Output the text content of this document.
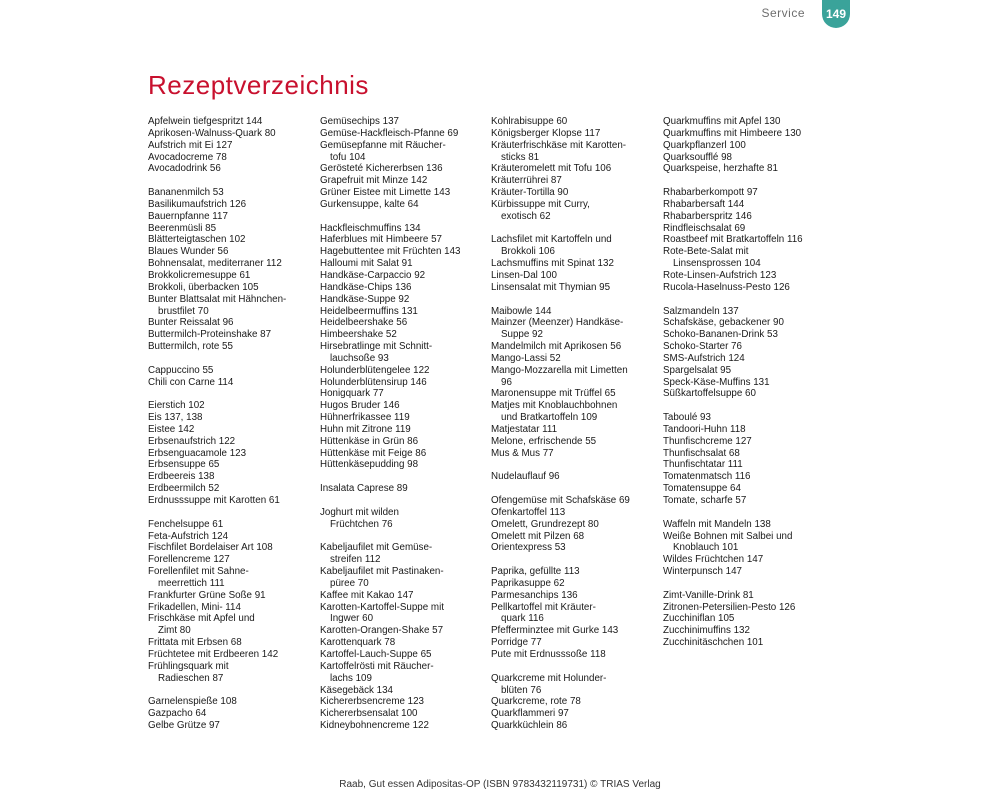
Service	149
Rezeptverzeichnis
Apfelwein tiefgespritzt 144
Aprikosen-Walnuss-Quark 80
Aufstrich mit Ei 127
Avocadocreme 78
Avocadodrink 56
Bananenmilch 53
Basilikumaufstrich 126
Bauernpfanne 117
Beerenmüsli 85
Blätterteigtaschen 102
Blaues Wunder 56
Bohnensalat, mediterraner 112
Brokkolicremesuppe 61
Brokkoli, überbacken 105
Bunter Blattsalat mit Hähnchen-
brustfilet 70
Bunter Reissalat 96
Buttermilch-Proteinshake 87
Buttermilch, rote 55
Cappuccino 55
Chili con Carne 114
Eierstich 102
Eis 137, 138
Eistee 142
Erbsenaufstrich 122
Erbsenguacamole 123
Erbsensuppe 65
Erdbeereis 138
Erdbeermilch 52
Erdnusssuppe mit Karotten 61
Fenchelsuppe 61
Feta-Aufstrich 124
Fischfilet Bordelaiser Art 108
Forellencreme 127
Forellenfilet mit Sahne-
meerrettich 111
Frankfurter Grüne Soße 91
Frikadellen, Mini- 114
Frischkäse mit Apfel und
Zimt 80
Frittata mit Erbsen 68
Früchtetee mit Erdbeeren 142
Frühlingsquark mit
Radieschen 87
Garnelenspieße 108
Gazpacho 64
Gelbe Grütze 97
Gemüsechips 137
Gemüse-Hackfleisch-Pfanne 69
Gemüsepfanne mit Räucher-
tofu 104
Gerösteté Kichererbsen 136
Grapefruit mit Minze 142
Grüner Eistee mit Limette 143
Gurkensuppe, kalte 64
Hackfleischmuffins 134
Haferblues mit Himbeere 57
Hagebuttentee mit Früchten 143
Halloumi mit Salat 91
Handkäse-Carpaccio 92
Handkäse-Chips 136
Handkäse-Suppe 92
Heidelbeermuffins 131
Heidelbeershake 56
Himbeershake 52
Hirsebratlinge mit Schnitt-
lauchsoße 93
Holunderblütengelee 122
Holunderblütensirup 146
Honigquark 77
Hugos Bruder 146
Hühnerfrikassee 119
Huhn mit Zitrone 119
Hüttenkäse in Grün 86
Hüttenkäse mit Feige 86
Hüttenkäsepudding 98
Insalata Caprese 89
Joghurt mit wilden
Früchtchen 76
Kabeljaufilet mit Gemüse-
streifen 112
Kabeljaufilet mit Pastinaken-
püree 70
Kaffee mit Kakao 147
Karotten-Kartoffel-Suppe mit
Ingwer 60
Karotten-Orangen-Shake 57
Karottenquark 78
Kartoffel-Lauch-Suppe 65
Kartoffelrösti mit Räucher-
lachs 109
Käsegebäck 134
Kichererbsencreme 123
Kichererbsensalat 100
Kidneybohnencreme 122
Kohlrabisuppe 60
Königsberger Klopse 117
Kräuterfrischkäse mit Karotten-
sticks 81
Kräuteromelett mit Tofu 106
Kräuterrührei 87
Kräuter-Tortilla 90
Kürbissuppe mit Curry,
exotisch 62
Lachsfilet mit Kartoffeln und
Brokkoli 106
Lachsmuffins mit Spinat 132
Linsen-Dal 100
Linsensalat mit Thymian 95
Maibowle 144
Mainzer (Meenzer) Handkäse-
Suppe 92
Mandelmilch mit Aprikosen 56
Mango-Lassi 52
Mango-Mozzarella mit Limetten
96
Maronensuppe mit Trüffel 65
Matjes mit Knoblauchbohnen
und Bratkartoffeln 109
Matjestatar 111
Melone, erfrischende 55
Mus & Mus 77
Nudelauflauf 96
Ofengemüse mit Schafskäse 69
Ofenkartoffel 113
Omelett, Grundrezept 80
Omelett mit Pilzen 68
Orientexpress 53
Paprika, gefüllte 113
Paprikasuppe 62
Parmesanchips 136
Pellkartoffel mit Kräuter-
quark 116
Pfefferminztee mit Gurke 143
Porridge 77
Pute mit Erdnusssoße 118
Quarkcreme mit Holunder-
blüten 76
Quarkcreme, rote 78
Quarkflammeri 97
Quarkküchlein 86
Quarkmuffins mit Apfel 130
Quarkmuffins mit Himbeere 130
Quarkpflanzerl 100
Quarksoufflé 98
Quarkspeise, herzhafte 81
Rhabarberkompott 97
Rhabarbersaft 144
Rhabarberspritz 146
Rindfleischsalat 69
Roastbeef mit Bratkartoffeln 116
Rote-Bete-Salat mit
Linsensprossen 104
Rote-Linsen-Aufstrich 123
Rucola-Haselnuss-Pesto 126
Salzmandeln 137
Schafskäse, gebackener 90
Schoko-Bananen-Drink 53
Schoko-Starter 76
SMS-Aufstrich 124
Spargelsalat 95
Speck-Käse-Muffins 131
Süßkartoffelsuppe 60
Taboulé 93
Tandoori-Huhn 118
Thunfischcreme 127
Thunfischsalat 68
Thunfischtatar 111
Tomatenmatsch 116
Tomatensuppe 64
Tomate, scharfe 57
Waffeln mit Mandeln 138
Weiße Bohnen mit Salbei und
Knoblauch 101
Wildes Früchtchen 147
Winterpunsch 147
Zimt-Vanille-Drink 81
Zitronen-Petersilien-Pesto 126
Zucchiniflan 105
Zucchinimuffins 132
Zucchinitäschchen 101
Raab, Gut essen Adipositas-OP (ISBN 9783432119731) © TRIAS Verlag
